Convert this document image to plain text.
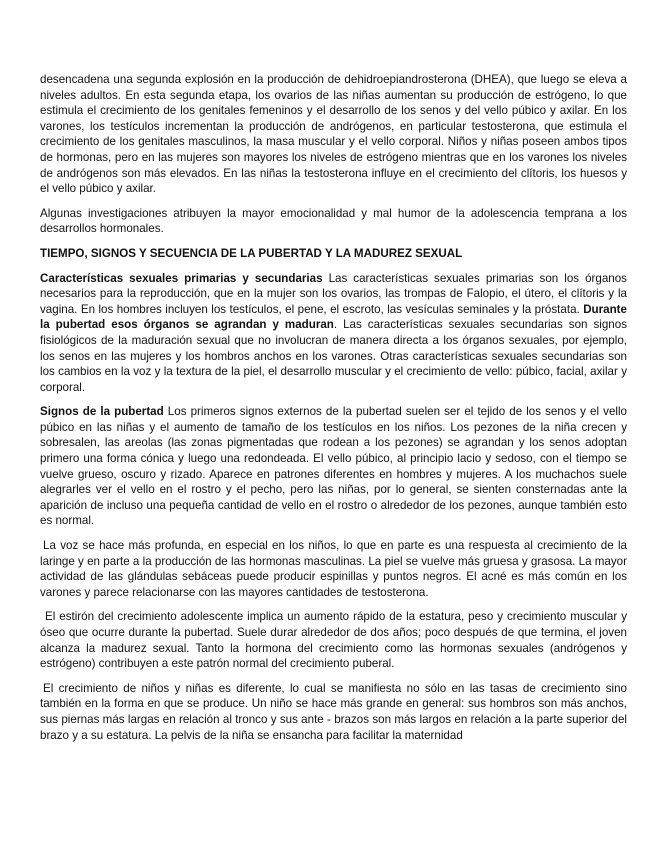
desencadena una segunda explosión en la producción de dehidroepiandrosterona (DHEA), que luego se eleva a niveles adultos. En esta segunda etapa, los ovarios de las niñas aumentan su producción de estrógeno, lo que estimula el crecimiento de los genitales femeninos y el desarrollo de los senos y del vello púbico y axilar. En los varones, los testículos incrementan la producción de andrógenos, en particular testosterona, que estimula el crecimiento de los genitales masculinos, la masa muscular y el vello corporal. Niños y niñas poseen ambos tipos de hormonas, pero en las mujeres son mayores los niveles de estrógeno mientras que en los varones los niveles de andrógenos son más elevados. En las niñas la testosterona influye en el crecimiento del clítoris, los huesos y el vello púbico y axilar.

Algunas investigaciones atribuyen la mayor emocionalidad y mal humor de la adolescencia temprana a los desarrollos hormonales.

TIEMPO, SIGNOS Y SECUENCIA DE LA PUBERTAD Y LA MADUREZ SEXUAL

Características sexuales primarias y secundarias Las características sexuales primarias son los órganos necesarios para la reproducción, que en la mujer son los ovarios, las trompas de Falopio, el útero, el clítoris y la vagina. En los hombres incluyen los testículos, el pene, el escroto, las vesículas seminales y la próstata. Durante la pubertad esos órganos se agrandan y maduran. Las características sexuales secundarias son signos fisiológicos de la maduración sexual que no involucran de manera directa a los órganos sexuales, por ejemplo, los senos en las mujeres y los hombros anchos en los varones. Otras características sexuales secundarias son los cambios en la voz y la textura de la piel, el desarrollo muscular y el crecimiento de vello: púbico, facial, axilar y corporal.

Signos de la pubertad Los primeros signos externos de la pubertad suelen ser el tejido de los senos y el vello púbico en las niñas y el aumento de tamaño de los testículos en los niños. Los pezones de la niña crecen y sobresalen, las areolas (las zonas pigmentadas que rodean a los pezones) se agrandan y los senos adoptan primero una forma cónica y luego una redondeada. El vello púbico, al principio lacio y sedoso, con el tiempo se vuelve grueso, oscuro y rizado. Aparece en patrones diferentes en hombres y mujeres. A los muchachos suele alegrarles ver el vello en el rostro y el pecho, pero las niñas, por lo general, se sienten consternadas ante la aparición de incluso una pequeña cantidad de vello en el rostro o alrededor de los pezones, aunque también esto es normal.

La voz se hace más profunda, en especial en los niños, lo que en parte es una respuesta al crecimiento de la laringe y en parte a la producción de las hormonas masculinas. La piel se vuelve más gruesa y grasosa. La mayor actividad de las glándulas sebáceas puede producir espinillas y puntos negros. El acné es más común en los varones y parece relacionarse con las mayores cantidades de testosterona.

El estirón del crecimiento adolescente implica un aumento rápido de la estatura, peso y crecimiento muscular y óseo que ocurre durante la pubertad. Suele durar alrededor de dos años; poco después de que termina, el joven alcanza la madurez sexual. Tanto la hormona del crecimiento como las hormonas sexuales (andrógenos y estrógeno) contribuyen a este patrón normal del crecimiento puberal.

El crecimiento de niños y niñas es diferente, lo cual se manifiesta no sólo en las tasas de crecimiento sino también en la forma en que se produce. Un niño se hace más grande en general: sus hombros son más anchos, sus piernas más largas en relación al tronco y sus ante - brazos son más largos en relación a la parte superior del brazo y a su estatura. La pelvis de la niña se ensancha para facilitar la maternidad
